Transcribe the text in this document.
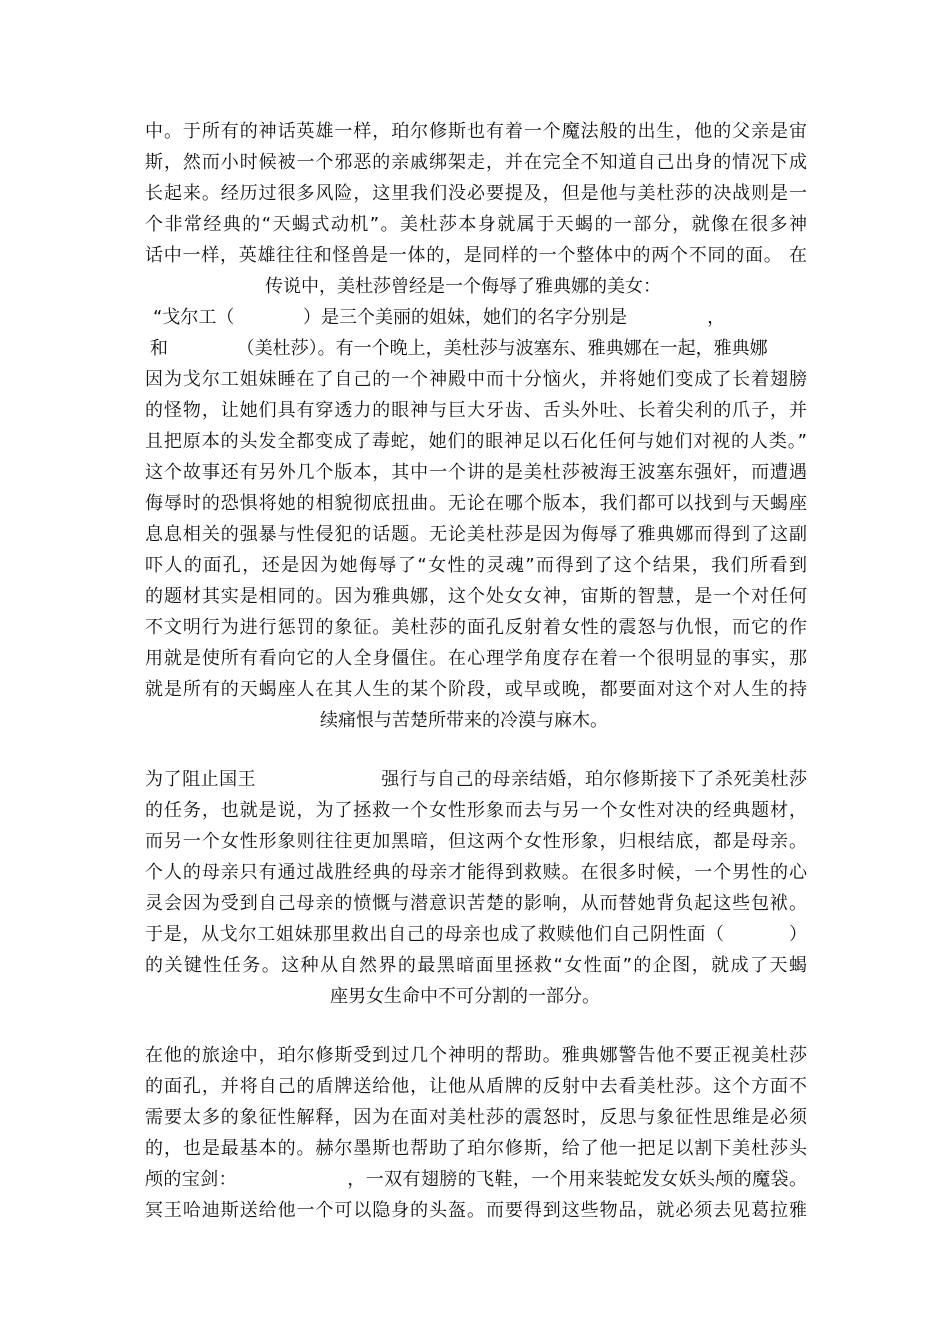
中。于所有的神话英雄一样，珀尔修斯也有着一个魔法般的出生，他的父亲是宙
斯，然而小时候被一个邪恶的亲戚绑架走，并在完全不知道自己出身的情况下成
长起来。经历过很多风险，这里我们没必要提及，但是他与美杜莎的决战则是一
个非常经典的“天蝎式动机”。美杜莎本身就属于天蝎的一部分，就像在很多神
话中一样，英雄往往和怪兽是一体的，是同样的一个整体中的两个不同的面。 在
传说中，美杜莎曾经是一个侮辱了雅典娜的美女：
“戈尔工（            ）是三个美丽的姐妹，她们的名字分别是              ，
和            （美杜莎）。有一个晚上，美杜莎与波塞东、雅典娜在一起，雅典娜
因为戈尔工姐妹睡在了自己的一个神殿中而十分恼火，并将她们变成了长着翅膀
的怪物，让她们具有穿透力的眼神与巨大牙齿、舌头外吐、长着尖利的爪子，并
且把原本的头发全都变成了毒蛇，她们的眼神足以石化任何与她们对视的人类。”
这个故事还有另外几个版本，其中一个讲的是美杜莎被海王波塞东强奸，而遭遇
侮辱时的恐惧将她的相貌彻底扭曲。无论在哪个版本，我们都可以找到与天蝎座
息息相关的强暴与性侵犯的话题。无论美杜莎是因为侮辱了雅典娜而得到了这副
吓人的面孔，还是因为她侮辱了“女性的灵魂”而得到了这个结果，我们所看到
的题材其实是相同的。因为雅典娜，这个处女女神，宙斯的智慧，是一个对任何
不文明行为进行惩罚的象征。美杜莎的面孔反射着女性的震怒与仇恨，而它的作
用就是使所有看向它的人全身僵住。在心理学角度存在着一个很明显的事实，那
就是所有的天蝎座人在其人生的某个阶段，或早或晚，都要面对这个对人生的持
续痛恨与苦楚所带来的冷漠与麻木。
为了阻止国王                    强行与自己的母亲结婚，珀尔修斯接下了杀死美杜莎
的任务，也就是说，为了拯救一个女性形象而去与另一个女性对决的经典题材，
而另一个女性形象则往往更加黑暗，但这两个女性形象，归根结底，都是母亲。
个人的母亲只有通过战胜经典的母亲才能得到救赎。在很多时候，一个男性的心
灵会因为受到自己母亲的愤慨与潜意识苦楚的影响，从而替她背负起这些包袱。
于是，从戈尔工姐妹那里救出自己的母亲也成了救赎他们自己阴性面（          ）
的关键性任务。这种从自然界的最黑暗面里拯救“女性面”的企图，就成了天蝎
座男女生命中不可分割的一部分。
在他的旅途中，珀尔修斯受到过几个神明的帮助。雅典娜警告他不要正视美杜莎
的面孔，并将自己的盾牌送给他，让他从盾牌的反射中去看美杜莎。这个方面不
需要太多的象征性解释，因为在面对美杜莎的震怒时，反思与象征性思维是必须
的，也是最基本的。赫尔墨斯也帮助了珀尔修斯，给了他一把足以割下美杜莎头
颅的宝剑：                  ，一双有翅膀的飞鞋，一个用来装蛇发女妖头颅的魔袋。
冥王哈迪斯送给他一个可以隐身的头盔。而要得到这些物品，就必须去见葛拉雅
